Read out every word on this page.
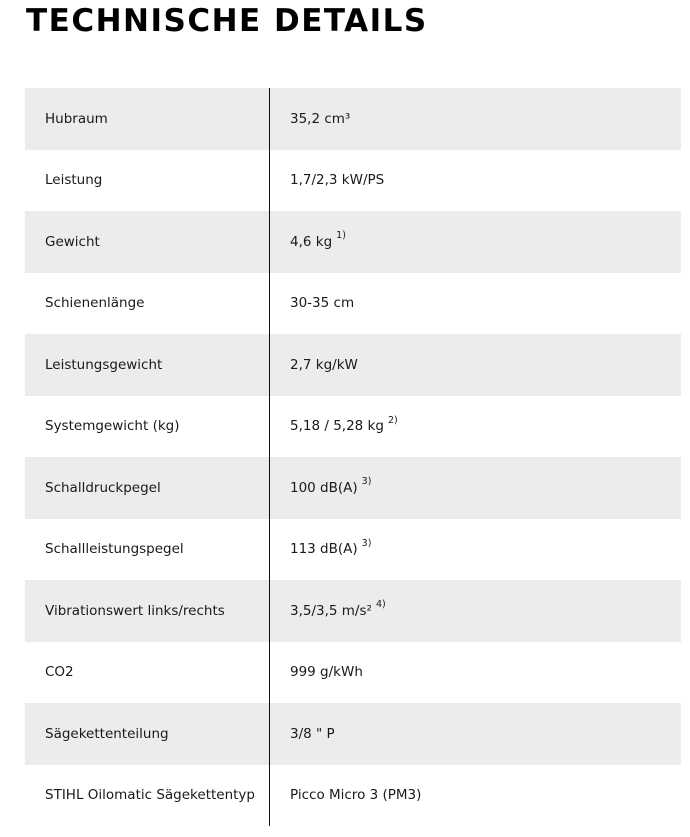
TECHNISCHE DETAILS
Hubraum	35,2 cm³
Leistung	1,7/2,3 kW/PS
Gewicht	4,6 kg 1)
Schienenlänge	30-35 cm
Leistungsgewicht	2,7 kg/kW
Systemgewicht (kg)	5,18 / 5,28 kg 2)
Schalldruckpegel	100 dB(A) 3)
Schallleistungspegel	113 dB(A) 3)
Vibrationswert links/rechts	3,5/3,5 m/s² 4)
CO2	999 g/kWh
Sägekettenteilung	3/8 " P
STIHL Oilomatic Sägekettentyp	Picco Micro 3 (PM3)
